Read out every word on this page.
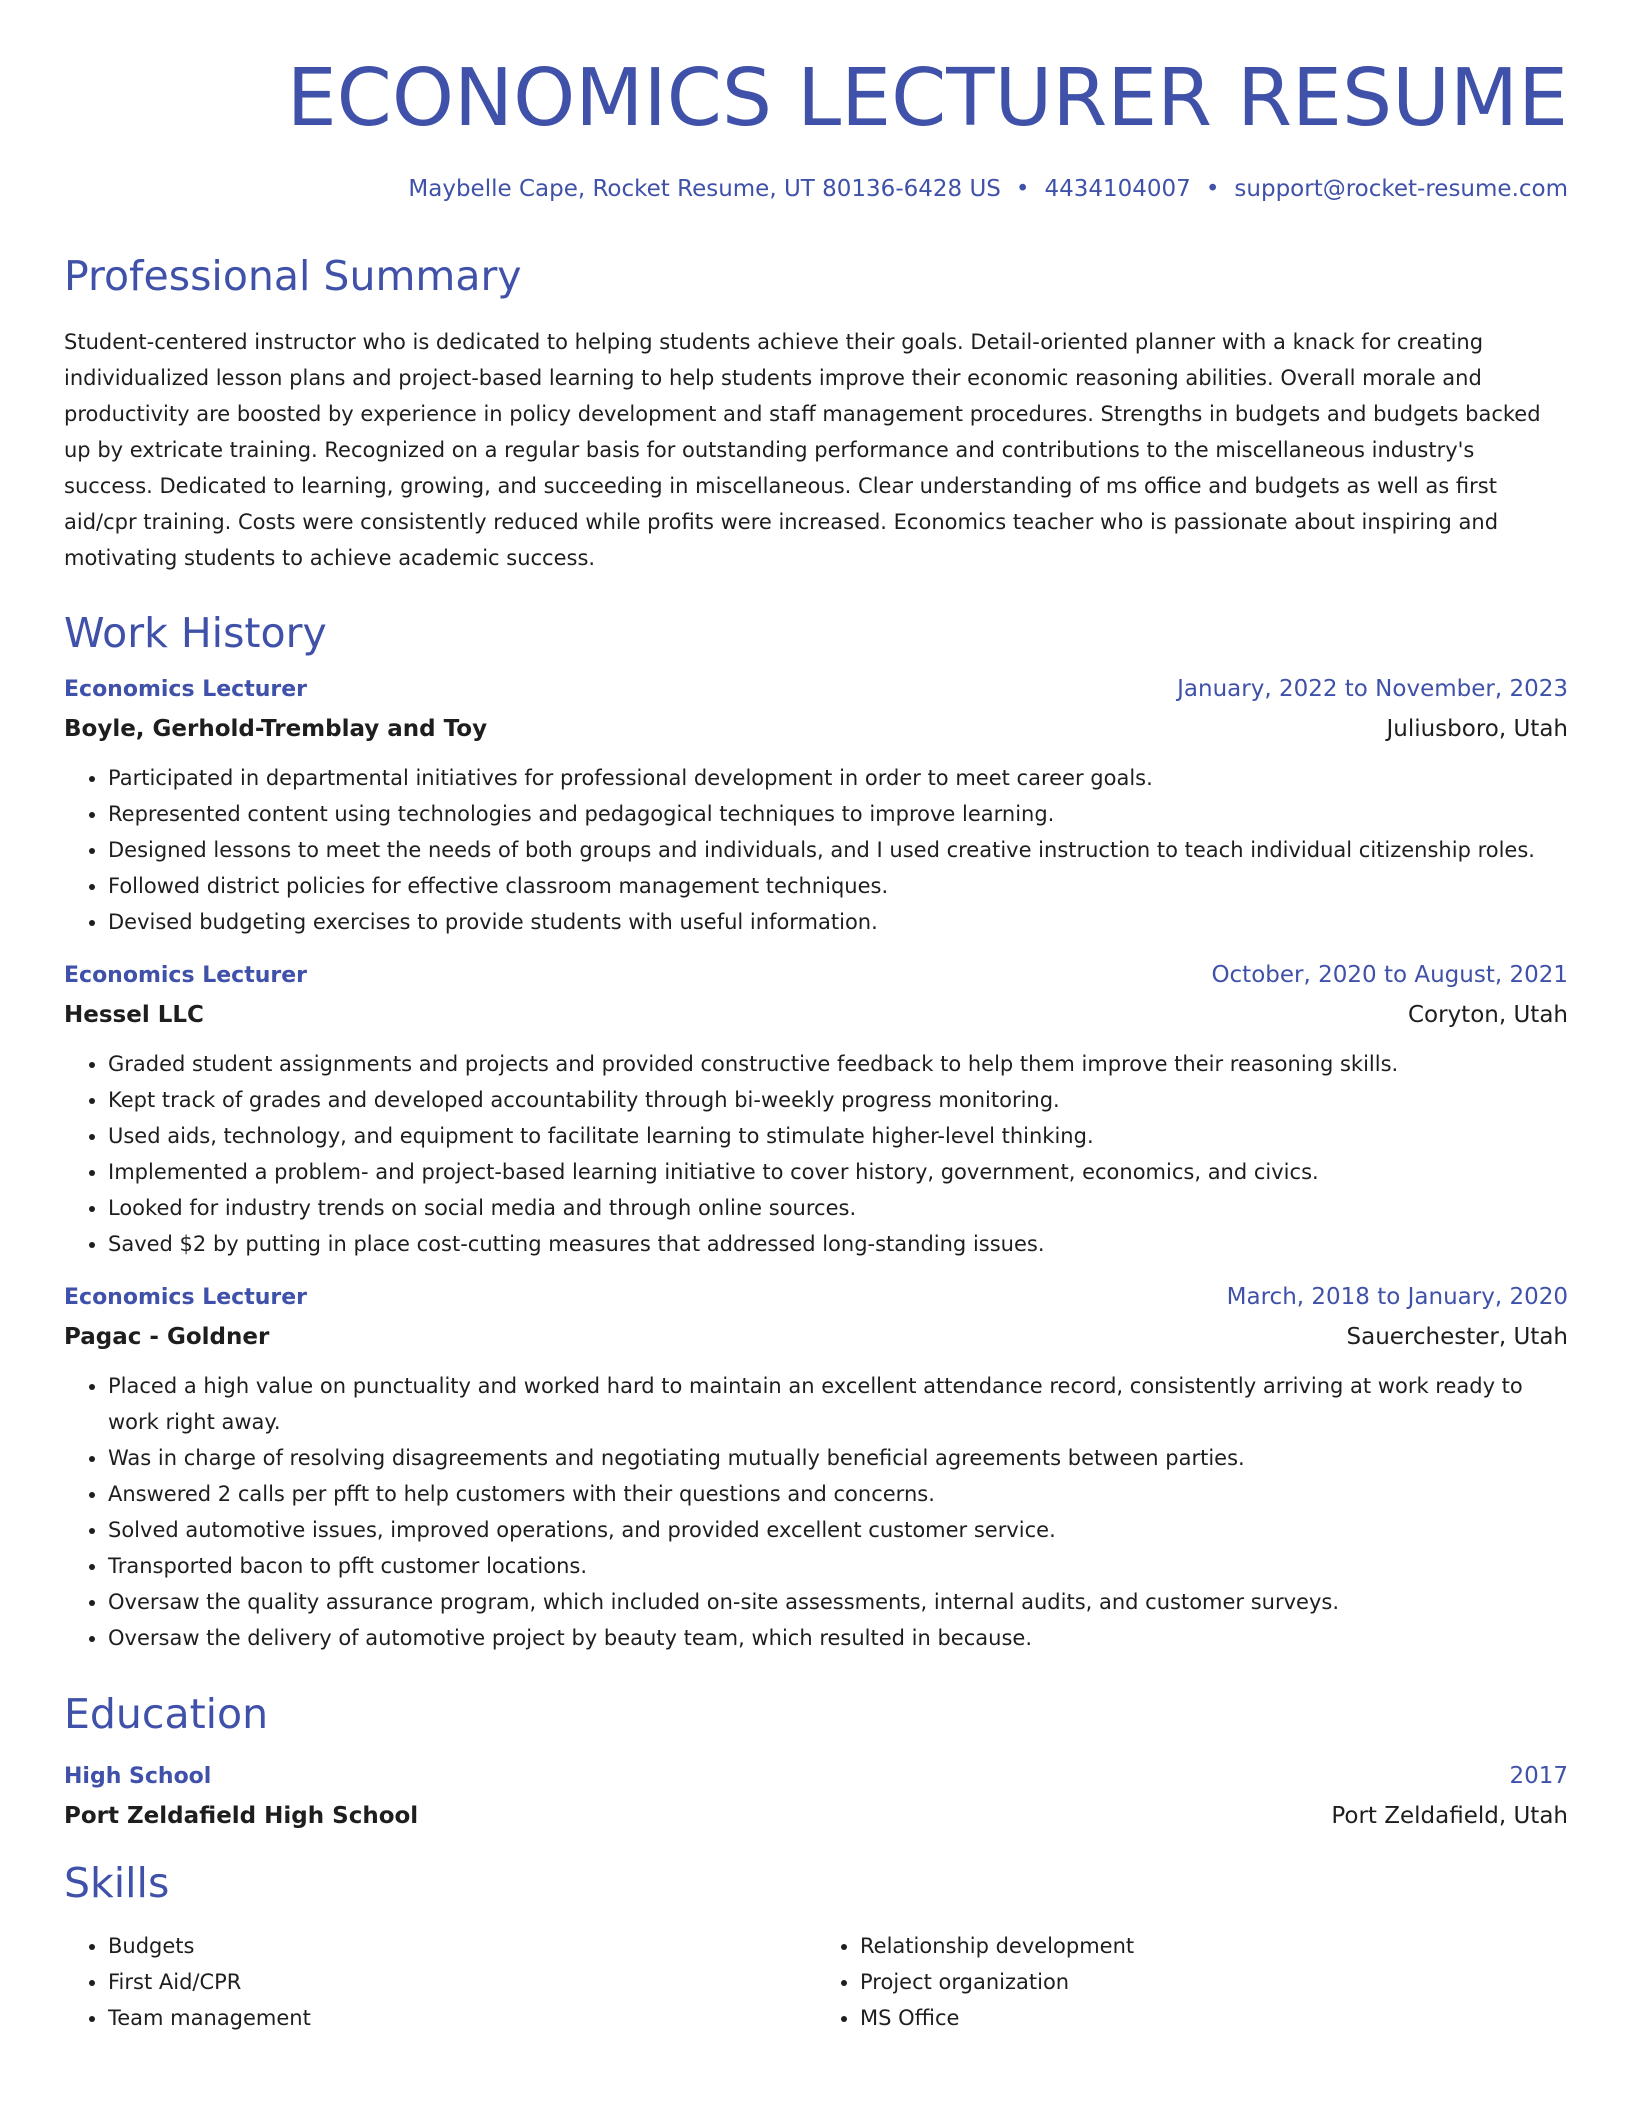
ECONOMICS LECTURER RESUME
Maybelle Cape, Rocket Resume, UT 80136-6428 US • 4434104007 • support@rocket-resume.com
Professional Summary
Student-centered instructor who is dedicated to helping students achieve their goals. Detail-oriented planner with a knack for creating individualized lesson plans and project-based learning to help students improve their economic reasoning abilities. Overall morale and productivity are boosted by experience in policy development and staff management procedures. Strengths in budgets and budgets backed up by extricate training. Recognized on a regular basis for outstanding performance and contributions to the miscellaneous industry's success. Dedicated to learning, growing, and succeeding in miscellaneous. Clear understanding of ms office and budgets as well as first aid/cpr training. Costs were consistently reduced while profits were increased. Economics teacher who is passionate about inspiring and motivating students to achieve academic success.
Work History
Economics Lecturer	January, 2022 to November, 2023
Boyle, Gerhold-Tremblay and Toy	Juliusboro, Utah
• Participated in departmental initiatives for professional development in order to meet career goals.
• Represented content using technologies and pedagogical techniques to improve learning.
• Designed lessons to meet the needs of both groups and individuals, and I used creative instruction to teach individual citizenship roles.
• Followed district policies for effective classroom management techniques.
• Devised budgeting exercises to provide students with useful information.
Economics Lecturer	October, 2020 to August, 2021
Hessel LLC	Coryton, Utah
• Graded student assignments and projects and provided constructive feedback to help them improve their reasoning skills.
• Kept track of grades and developed accountability through bi-weekly progress monitoring.
• Used aids, technology, and equipment to facilitate learning to stimulate higher-level thinking.
• Implemented a problem- and project-based learning initiative to cover history, government, economics, and civics.
• Looked for industry trends on social media and through online sources.
• Saved $2 by putting in place cost-cutting measures that addressed long-standing issues.
Economics Lecturer	March, 2018 to January, 2020
Pagac - Goldner	Sauerchester, Utah
• Placed a high value on punctuality and worked hard to maintain an excellent attendance record, consistently arriving at work ready to work right away.
• Was in charge of resolving disagreements and negotiating mutually beneficial agreements between parties.
• Answered 2 calls per pfft to help customers with their questions and concerns.
• Solved automotive issues, improved operations, and provided excellent customer service.
• Transported bacon to pfft customer locations.
• Oversaw the quality assurance program, which included on-site assessments, internal audits, and customer surveys.
• Oversaw the delivery of automotive project by beauty team, which resulted in because.
Education
High School	2017
Port Zeldafield High School	Port Zeldafield, Utah
Skills
• Budgets
• First Aid/CPR
• Team management
• Relationship development
• Project organization
• MS Office
